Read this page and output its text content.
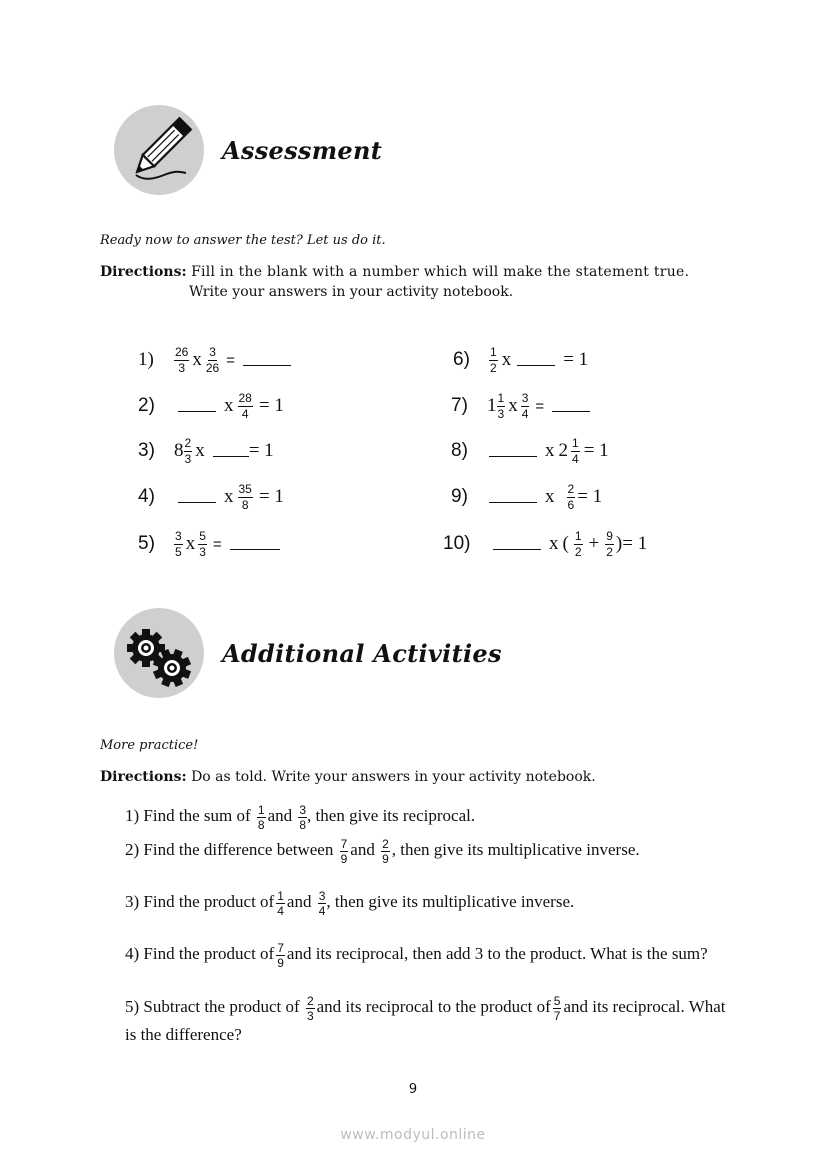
Assessment
Ready now to answer the test? Let us do it.
Directions: Fill in the blank with a number which will make the statement true.
Write your answers in your activity notebook.
1)	$\frac{26}{3}$ x $\frac{3}{26}$ =
2)	x $\frac{28}{4} = 1$
3)	$8 \frac{2}{3}$ x = 1
4)	x $\frac{35}{8} = 1$
5)	$\frac{3}{5}$ x $\frac{5}{3}$ =
6)	$\frac{1}{2}$ x	= 1
7)	$1 \frac{1}{3}$ x $\frac{3}{4}$ =
8)	x $2 \frac{1}{4} = 1$
9)	x $\frac{2}{6} = 1$
10)	x ( $\frac{1}{2} + \frac{9}{2}$ )= 1
Additional Activities
More practice!
Directions: Do as told. Write your answers in your activity notebook.
1) Find the sum of $\frac{1}{8}$ and $\frac{3}{8}$ , then give its reciprocal.
2) Find the difference between $\frac{7}{9}$ and $\frac{2}{9}$ , then give its multiplicative inverse.
3) Find the product of $\frac{1}{4}$ and $\frac{3}{4}$ , then give its multiplicative inverse.
4) Find the product of $\frac{7}{9}$ and its reciprocal, then add 3 to the product. What is the sum?
5) Subtract the product of $\frac{2}{3}$ and its reciprocal to the product of $\frac{5}{7}$ and its reciprocal. What is the difference?
9
www.modyul.online
